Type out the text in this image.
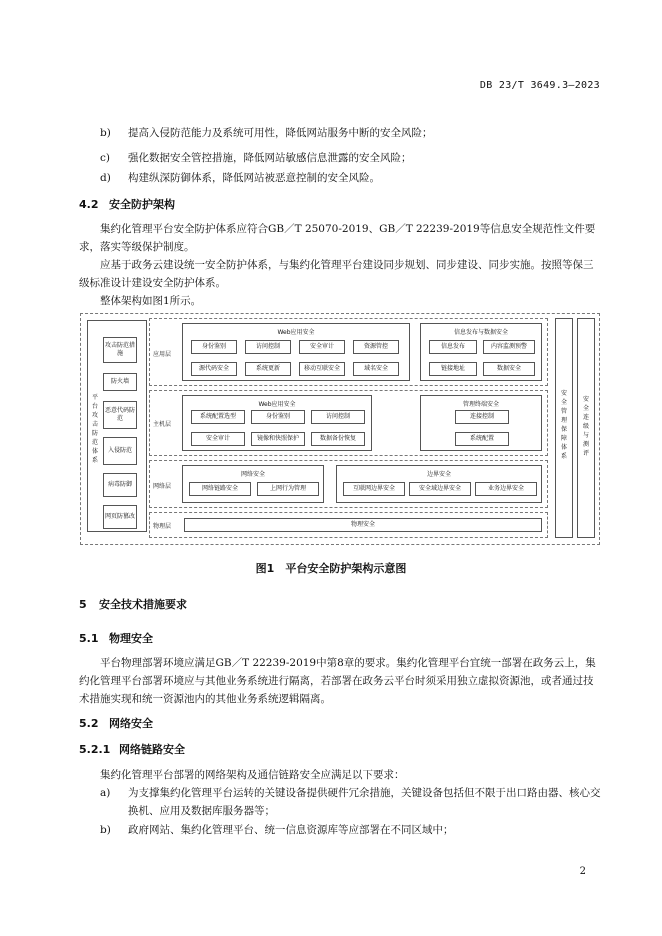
DB 23/T 3649.3—2023
b)	提高入侵防范能力及系统可用性，降低网站服务中断的安全风险；
c)	强化数据安全管控措施，降低网站敏感信息泄露的安全风险；
d)	构建纵深防御体系，降低网站被恶意控制的安全风险。
4.2 安全防护架构
集约化管理平台安全防护体系应符合GB／T 25070-2019、GB／T 22239-2019等信息安全规范性文件要求，落实等级保护制度。
应基于政务云建设统一安全防护体系，与集约化管理平台建设同步规划、同步建设、同步实施。按照等保三级标准设计建设安全防护体系。
整体架构如图1所示。
平台攻击防范体系
攻击防范措施
防火墙
恶意代码防范
入侵防范
病毒防御
网页防篡改
应用层
Web应用安全
身份鉴别	访问控制	安全审计	资源管控
源代码安全	系统更新	移动互联安全	域名安全
信息发布与数据安全
信息发布	内容监测预警
链接地址	数据安全
主机层
Web应用安全
系统配置选型	身份鉴别	访问控制
安全审计	镜像和快照保护	数据备份恢复
管理终端安全
连接控制
系统配置
网络层
网络安全
网络链路安全	上网行为管理
边界安全
互联网边界安全	安全域边界安全	业务边界安全
物理层	物理安全
安全管理保障体系
安全连级与测评
图1　平台安全防护架构示意图
5 安全技术措施要求
5.1 物理安全
平台物理部署环境应满足GB／T 22239-2019中第8章的要求。集约化管理平台宜统一部署在政务云上，集约化管理平台部署环境应与其他业务系统进行隔离，若部署在政务云平台时须采用独立虚拟资源池，或者通过技术措施实现和统一资源池内的其他业务系统逻辑隔离。
5.2 网络安全
5.2.1 网络链路安全
集约化管理平台部署的网络架构及通信链路安全应满足以下要求：
a)	为支撑集约化管理平台运转的关键设备提供硬件冗余措施，关键设备包括但不限于出口路由器、核心交换机、应用及数据库服务器等；
b)	政府网站、集约化管理平台、统一信息资源库等应部署在不同区域中；
2
